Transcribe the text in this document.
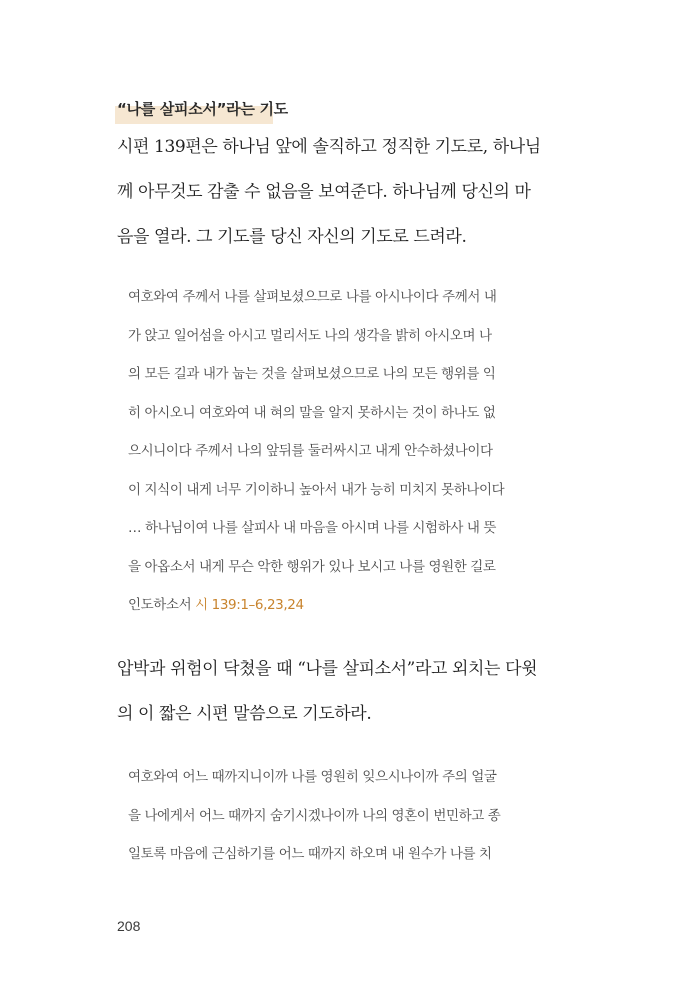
“나를 살피소서”라는 기도
시편 139편은 하나님 앞에 솔직하고 정직한 기도로, 하나님
께 아무것도 감출 수 없음을 보여준다. 하나님께 당신의 마
음을 열라. 그 기도를 당신 자신의 기도로 드려라.
여호와여 주께서 나를 살펴보셨으므로 나를 아시나이다 주께서 내
가 앉고 일어섬을 아시고 멀리서도 나의 생각을 밝히 아시오며 나
의 모든 길과 내가 눕는 것을 살펴보셨으므로 나의 모든 행위를 익
히 아시오니 여호와여 내 혀의 말을 알지 못하시는 것이 하나도 없
으시니이다 주께서 나의 앞뒤를 둘러싸시고 내게 안수하셨나이다
이 지식이 내게 너무 기이하니 높아서 내가 능히 미치지 못하나이다
… 하나님이여 나를 살피사 내 마음을 아시며 나를 시험하사 내 뜻
을 아옵소서 내게 무슨 악한 행위가 있나 보시고 나를 영원한 길로
인도하소서 시 139:1–6,23,24
압박과 위험이 닥쳤을 때 “나를 살피소서”라고 외치는 다윗
의 이 짧은 시편 말씀으로 기도하라.
여호와여 어느 때까지니이까 나를 영원히 잊으시나이까 주의 얼굴
을 나에게서 어느 때까지 숨기시겠나이까 나의 영혼이 번민하고 종
일토록 마음에 근심하기를 어느 때까지 하오며 내 원수가 나를 치
208
